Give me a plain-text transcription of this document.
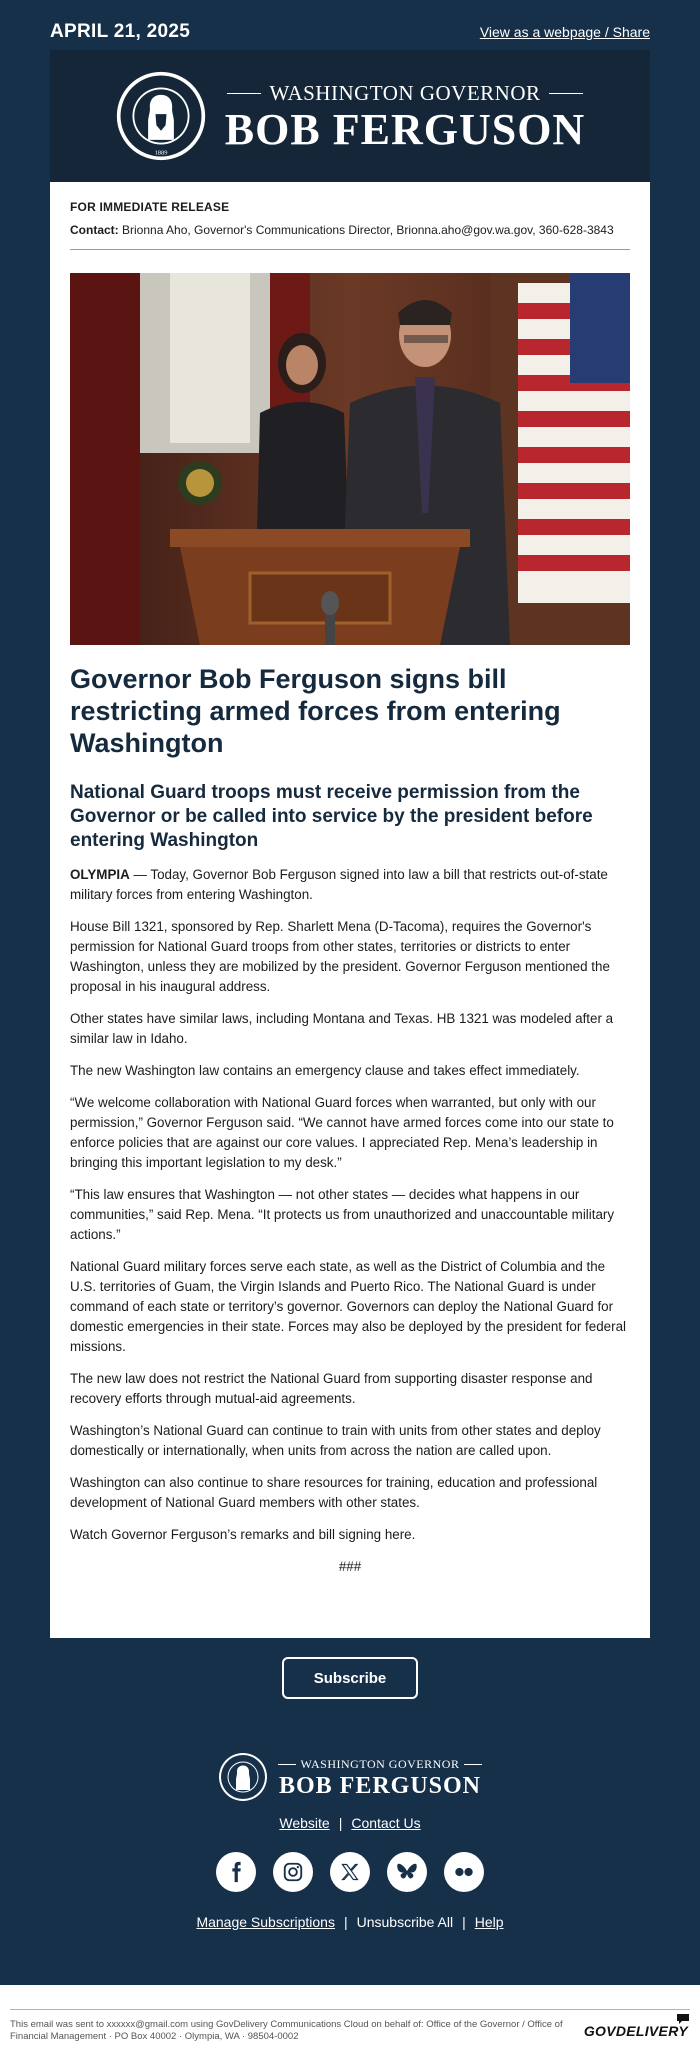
APRIL 21, 2025	View as a webpage / Share
1889
WASHINGTON GOVERNOR
BOB FERGUSON
FOR IMMEDIATE RELEASE
Contact: Brionna Aho, Governor's Communications Director, Brionna.aho@gov.wa.gov, 360-628-3843
Governor Bob Ferguson signs bill restricting armed forces from entering Washington
National Guard troops must receive permission from the Governor or be called into service by the president before entering Washington

OLYMPIA — Today, Governor Bob Ferguson signed into law a bill that restricts out-of-state military forces from entering Washington.

House Bill 1321, sponsored by Rep. Sharlett Mena (D-Tacoma), requires the Governor's permission for National Guard troops from other states, territories or districts to enter Washington, unless they are mobilized by the president. Governor Ferguson mentioned the proposal in his inaugural address.

Other states have similar laws, including Montana and Texas. HB 1321 was modeled after a similar law in Idaho.

The new Washington law contains an emergency clause and takes effect immediately.

“We welcome collaboration with National Guard forces when warranted, but only with our permission,” Governor Ferguson said. “We cannot have armed forces come into our state to enforce policies that are against our core values. I appreciated Rep. Mena’s leadership in bringing this important legislation to my desk.”

“This law ensures that Washington — not other states — decides what happens in our communities,” said Rep. Mena. “It protects us from unauthorized and unaccountable military actions.”

National Guard military forces serve each state, as well as the District of Columbia and the U.S. territories of Guam, the Virgin Islands and Puerto Rico. The National Guard is under command of each state or territory’s governor. Governors can deploy the National Guard for domestic emergencies in their state. Forces may also be deployed by the president for federal missions.

The new law does not restrict the National Guard from supporting disaster response and recovery efforts through mutual-aid agreements.

Washington’s National Guard can continue to train with units from other states and deploy domestically or internationally, when units from across the nation are called upon.

Washington can also continue to share resources for training, education and professional development of National Guard members with other states.

Watch Governor Ferguson’s remarks and bill signing here.

###
Subscribe
WASHINGTON GOVERNOR
BOB FERGUSON
Website | Contact Us
Manage Subscriptions | Unsubscribe All | Help
This email was sent to xxxxxx@gmail.com using GovDelivery Communications Cloud on behalf of: Office of the Governor / Office of Financial Management · PO Box 40002 · Olympia, WA · 98504-0002	GOVDELIVERY
